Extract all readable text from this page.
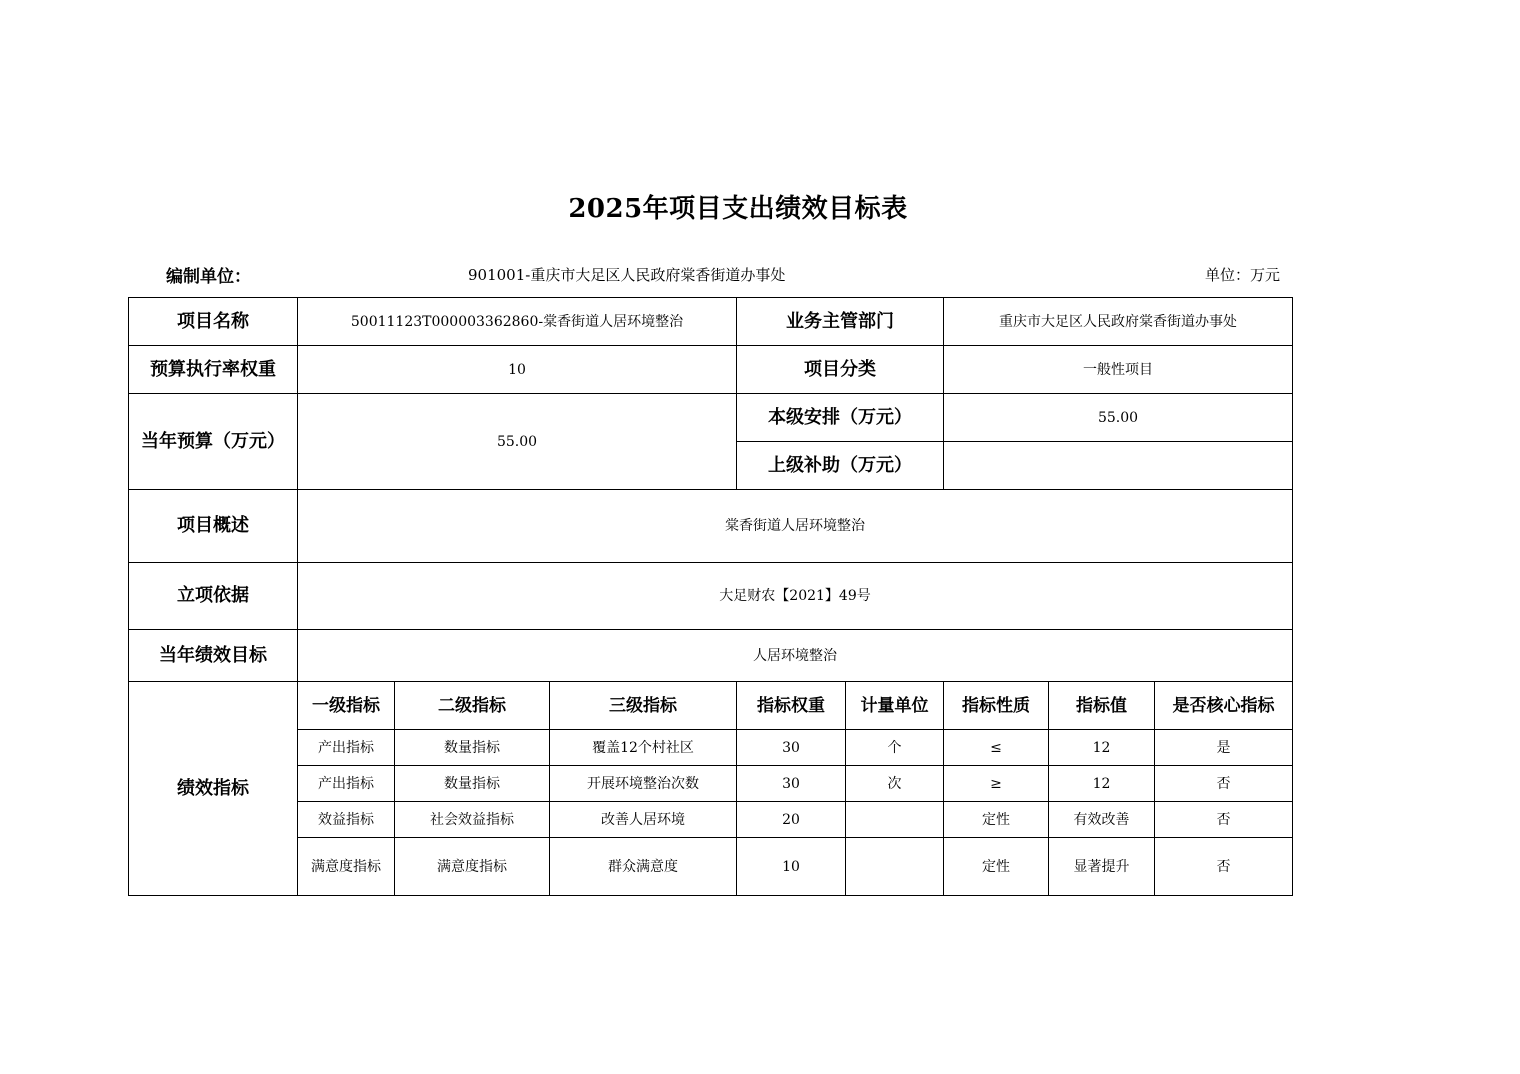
2025年项目支出绩效目标表
编制单位：	901001-重庆市大足区人民政府棠香街道办事处	单位：万元
项目名称	50011123T000003362860-棠香街道人居环境整治			业务主管部门		重庆市大足区人民政府棠香街道办事处		
预算执行率权重	10			项目分类		一般性项目		
当年预算（万元）	55.00			本级安排（万元）		55.00		
				上级补助（万元）				
项目概述	棠香街道人居环境整治							
立项依据	大足财农【2021】49号							
当年绩效目标	人居环境整治							
绩效指标	一级指标	二级指标	三级指标	指标权重	计量单位	指标性质	指标值	是否核心指标
	产出指标	数量指标	覆盖12个村社区	30	个	≤	12	是
	产出指标	数量指标	开展环境整治次数	30	次	≥	12	否
	效益指标	社会效益指标	改善人居环境	20		定性	有效改善	否
	满意度指标	满意度指标	群众满意度	10		定性	显著提升	否
